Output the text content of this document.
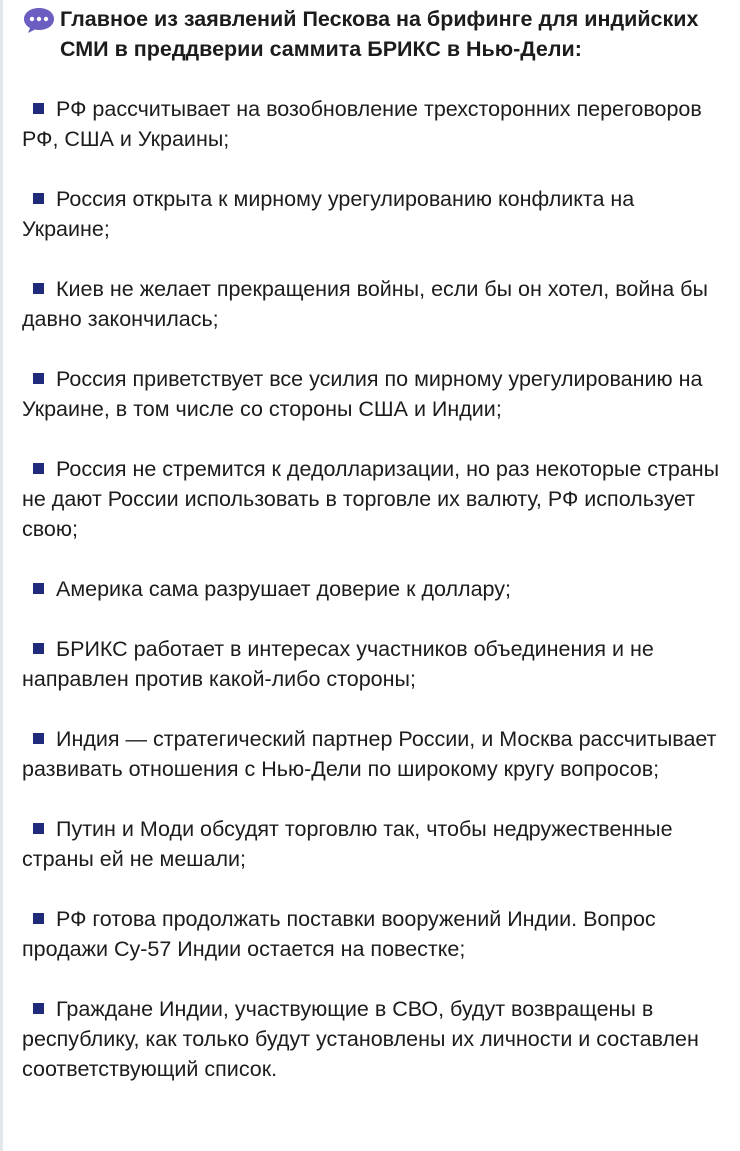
Главное из заявлений Пескова на брифинге для индийских СМИ в преддверии саммита БРИКС в Нью-Дели:
РФ рассчитывает на возобновление трехсторонних переговоров РФ, США и Украины;
Россия открыта к мирному урегулированию конфликта на Украине;
Киев не желает прекращения войны, если бы он хотел, война бы давно закончилась;
Россия приветствует все усилия по мирному урегулированию на Украине, в том числе со стороны США и Индии;
Россия не стремится к дедолларизации, но раз некоторые страны не дают России использовать в торговле их валюту, РФ использует свою;
Америка сама разрушает доверие к доллару;
БРИКС работает в интересах участников объединения и не направлен против какой-либо стороны;
Индия — стратегический партнер России, и Москва рассчитывает развивать отношения с Нью-Дели по широкому кругу вопросов;
Путин и Моди обсудят торговлю так, чтобы недружественные страны ей не мешали;
РФ готова продолжать поставки вооружений Индии. Вопрос продажи Су-57 Индии остается на повестке;
Граждане Индии, участвующие в СВО, будут возвращены в республику, как только будут установлены их личности и составлен соответствующий список.
